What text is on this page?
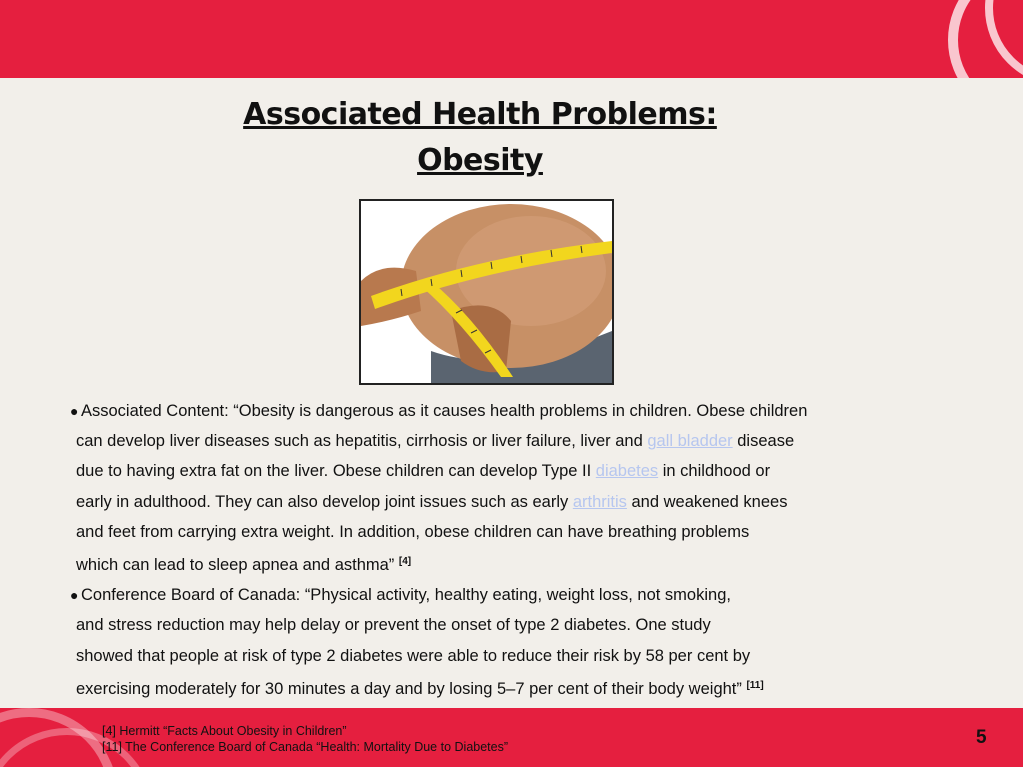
Associated Health Problems:
Obesity
● Associated Content: “Obesity is dangerous as it causes health problems in children. Obese children
can develop liver diseases such as hepatitis, cirrhosis or liver failure, liver and gall bladder disease
due to having extra fat on the liver. Obese children can develop Type II diabetes in childhood or
early in adulthood. They can also develop joint issues such as early arthritis and weakened knees
and feet from carrying extra weight. In addition, obese children can have breathing problems
which can lead to sleep apnea and asthma” [4]
● Conference Board of Canada: “Physical activity, healthy eating, weight loss, not smoking,
and stress reduction may help delay or prevent the onset of type 2 diabetes. One study
showed that people at risk of type 2 diabetes were able to reduce their risk by 58 per cent by
exercising moderately for 30 minutes a day and by losing 5–7 per cent of their body weight” [11]
[4] Hermitt “Facts About Obesity in Children”
[11] The Conference Board of Canada “Health: Mortality Due to Diabetes”	5
